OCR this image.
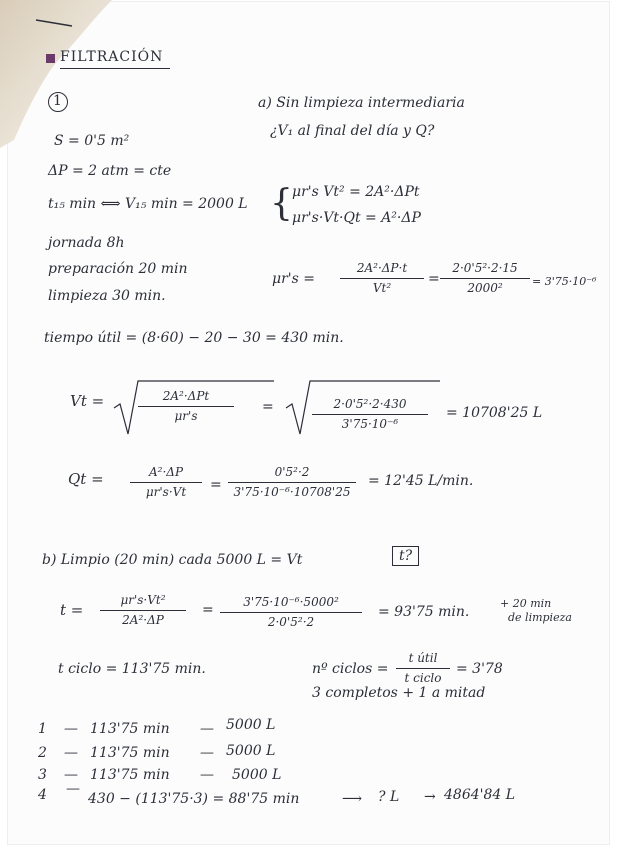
FILTRACIÓN
1
S = 0'5 m²
ΔP = 2 atm = cte
t₁₅ min ⟺ V₁₅ min = 2000 L
jornada 8h
preparación 20 min
limpieza 30 min.
a) Sin limpieza intermediaria
¿V₁ al final del día y Q?
{ μr's Vt² = 2A²·ΔPt
μr's·Vt·Qt = A²·ΔP
μr's =
2A²·ΔP·t
Vt²
=
2·0'5²·2·15
2000²	= 3'75·10⁻⁶
tiempo útil = (8·60) − 20 − 30 = 430 min.
Vt =	2A²·ΔPt
μr's
=	2·0'5²·2·430
3'75·10⁻⁶
= 10708'25 L
Qt =	A²·ΔP
μr's·Vt	=
0'5²·2
3'75·10⁻⁶·10708'25
= 12'45 L/min.
b) Limpio (20 min) cada 5000 L = Vt	t?
t =
μr's·Vt²
2A²·ΔP
=	3'75·10⁻⁶·5000²
2·0'5²·2
= 93'75 min.
+ 20 min
de limpieza
t ciclo = 113'75 min.	nº ciclos =
t útil
t ciclo
= 3'78
3 completos + 1 a mitad
1 — 113'75 min — 5000 L
2 — 113'75 min — 5000 L
3 — 113'75 min — 5000 L
4 —
430 − (113'75·3) = 88'75 min	⟶ ? L → 4864'84 L
